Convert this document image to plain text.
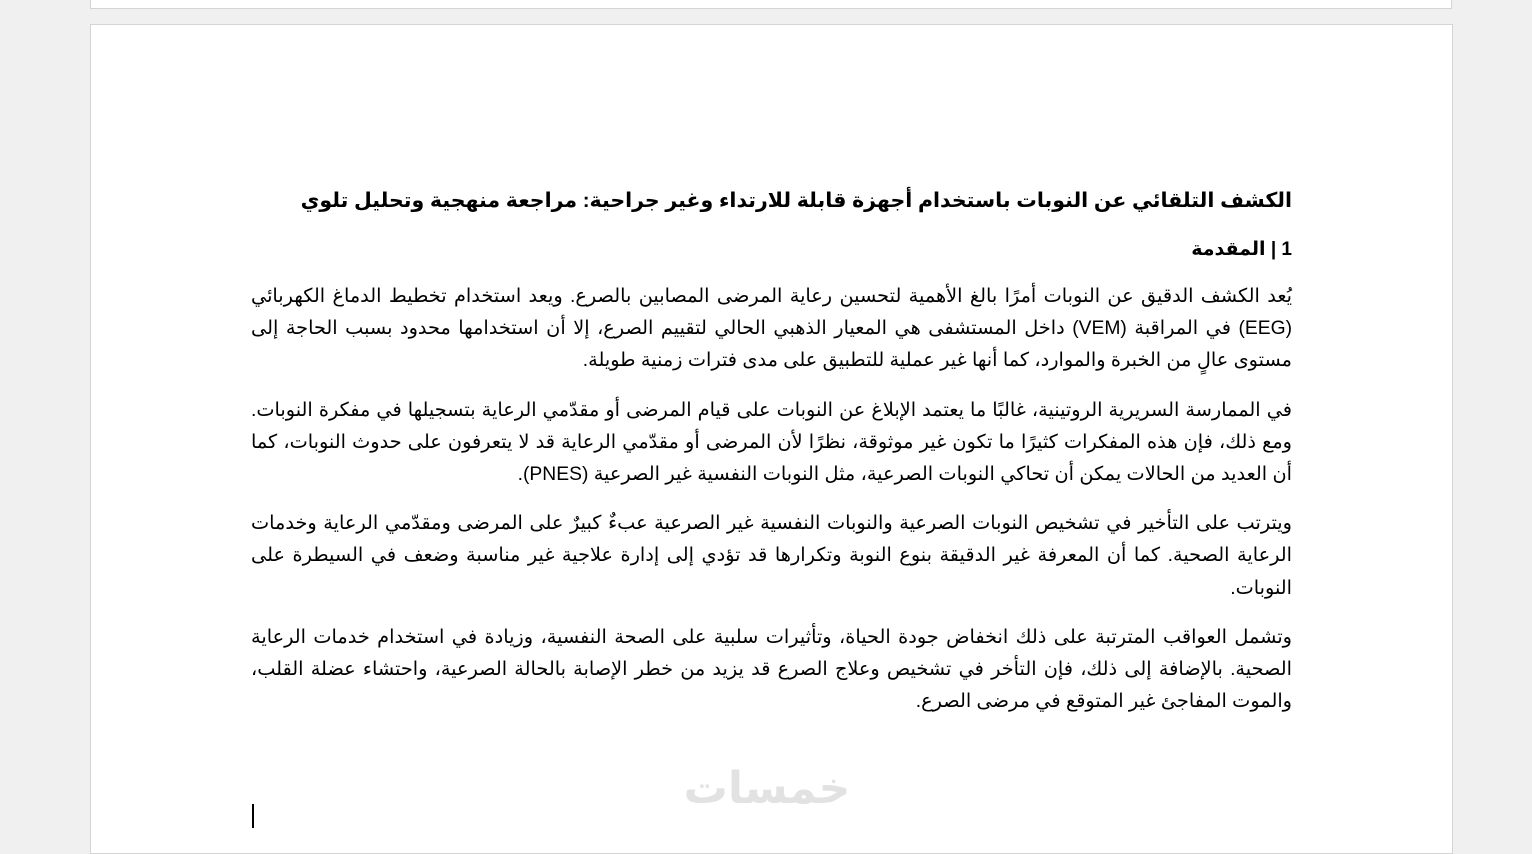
الكشف التلقائي عن النوبات باستخدام أجهزة قابلة للارتداء وغير جراحية: مراجعة منهجية وتحليل تلوي

1 | المقدمة

يُعد الكشف الدقيق عن النوبات أمرًا بالغ الأهمية لتحسين رعاية المرضى المصابين بالصرع. ويعد استخدام تخطيط الدماغ الكهربائي (EEG) في المراقبة (VEM) داخل المستشفى هي المعيار الذهبي الحالي لتقييم الصرع، إلا أن استخدامها محدود بسبب الحاجة إلى مستوى عالٍ من الخبرة والموارد، كما أنها غير عملية للتطبيق على مدى فترات زمنية طويلة.

في الممارسة السريرية الروتينية، غالبًا ما يعتمد الإبلاغ عن النوبات على قيام المرضى أو مقدّمي الرعاية بتسجيلها في مفكرة النوبات. ومع ذلك، فإن هذه المفكرات كثيرًا ما تكون غير موثوقة، نظرًا لأن المرضى أو مقدّمي الرعاية قد لا يتعرفون على حدوث النوبات، كما أن العديد من الحالات يمكن أن تحاكي النوبات الصرعية، مثل النوبات النفسية غير الصرعية (PNES).

ويترتب على التأخير في تشخيص النوبات الصرعية والنوبات النفسية غير الصرعية عبءٌ كبيرٌ على المرضى ومقدّمي الرعاية وخدمات الرعاية الصحية. كما أن المعرفة غير الدقيقة بنوع النوبة وتكرارها قد تؤدي إلى إدارة علاجية غير مناسبة وضعف في السيطرة على النوبات.

وتشمل العواقب المترتبة على ذلك انخفاض جودة الحياة، وتأثيرات سلبية على الصحة النفسية، وزيادة في استخدام خدمات الرعاية الصحية. بالإضافة إلى ذلك، فإن التأخر في تشخيص وعلاج الصرع قد يزيد من خطر الإصابة بالحالة الصرعية، واحتشاء عضلة القلب، والموت المفاجئ غير المتوقع في مرضى الصرع.

خمسات
